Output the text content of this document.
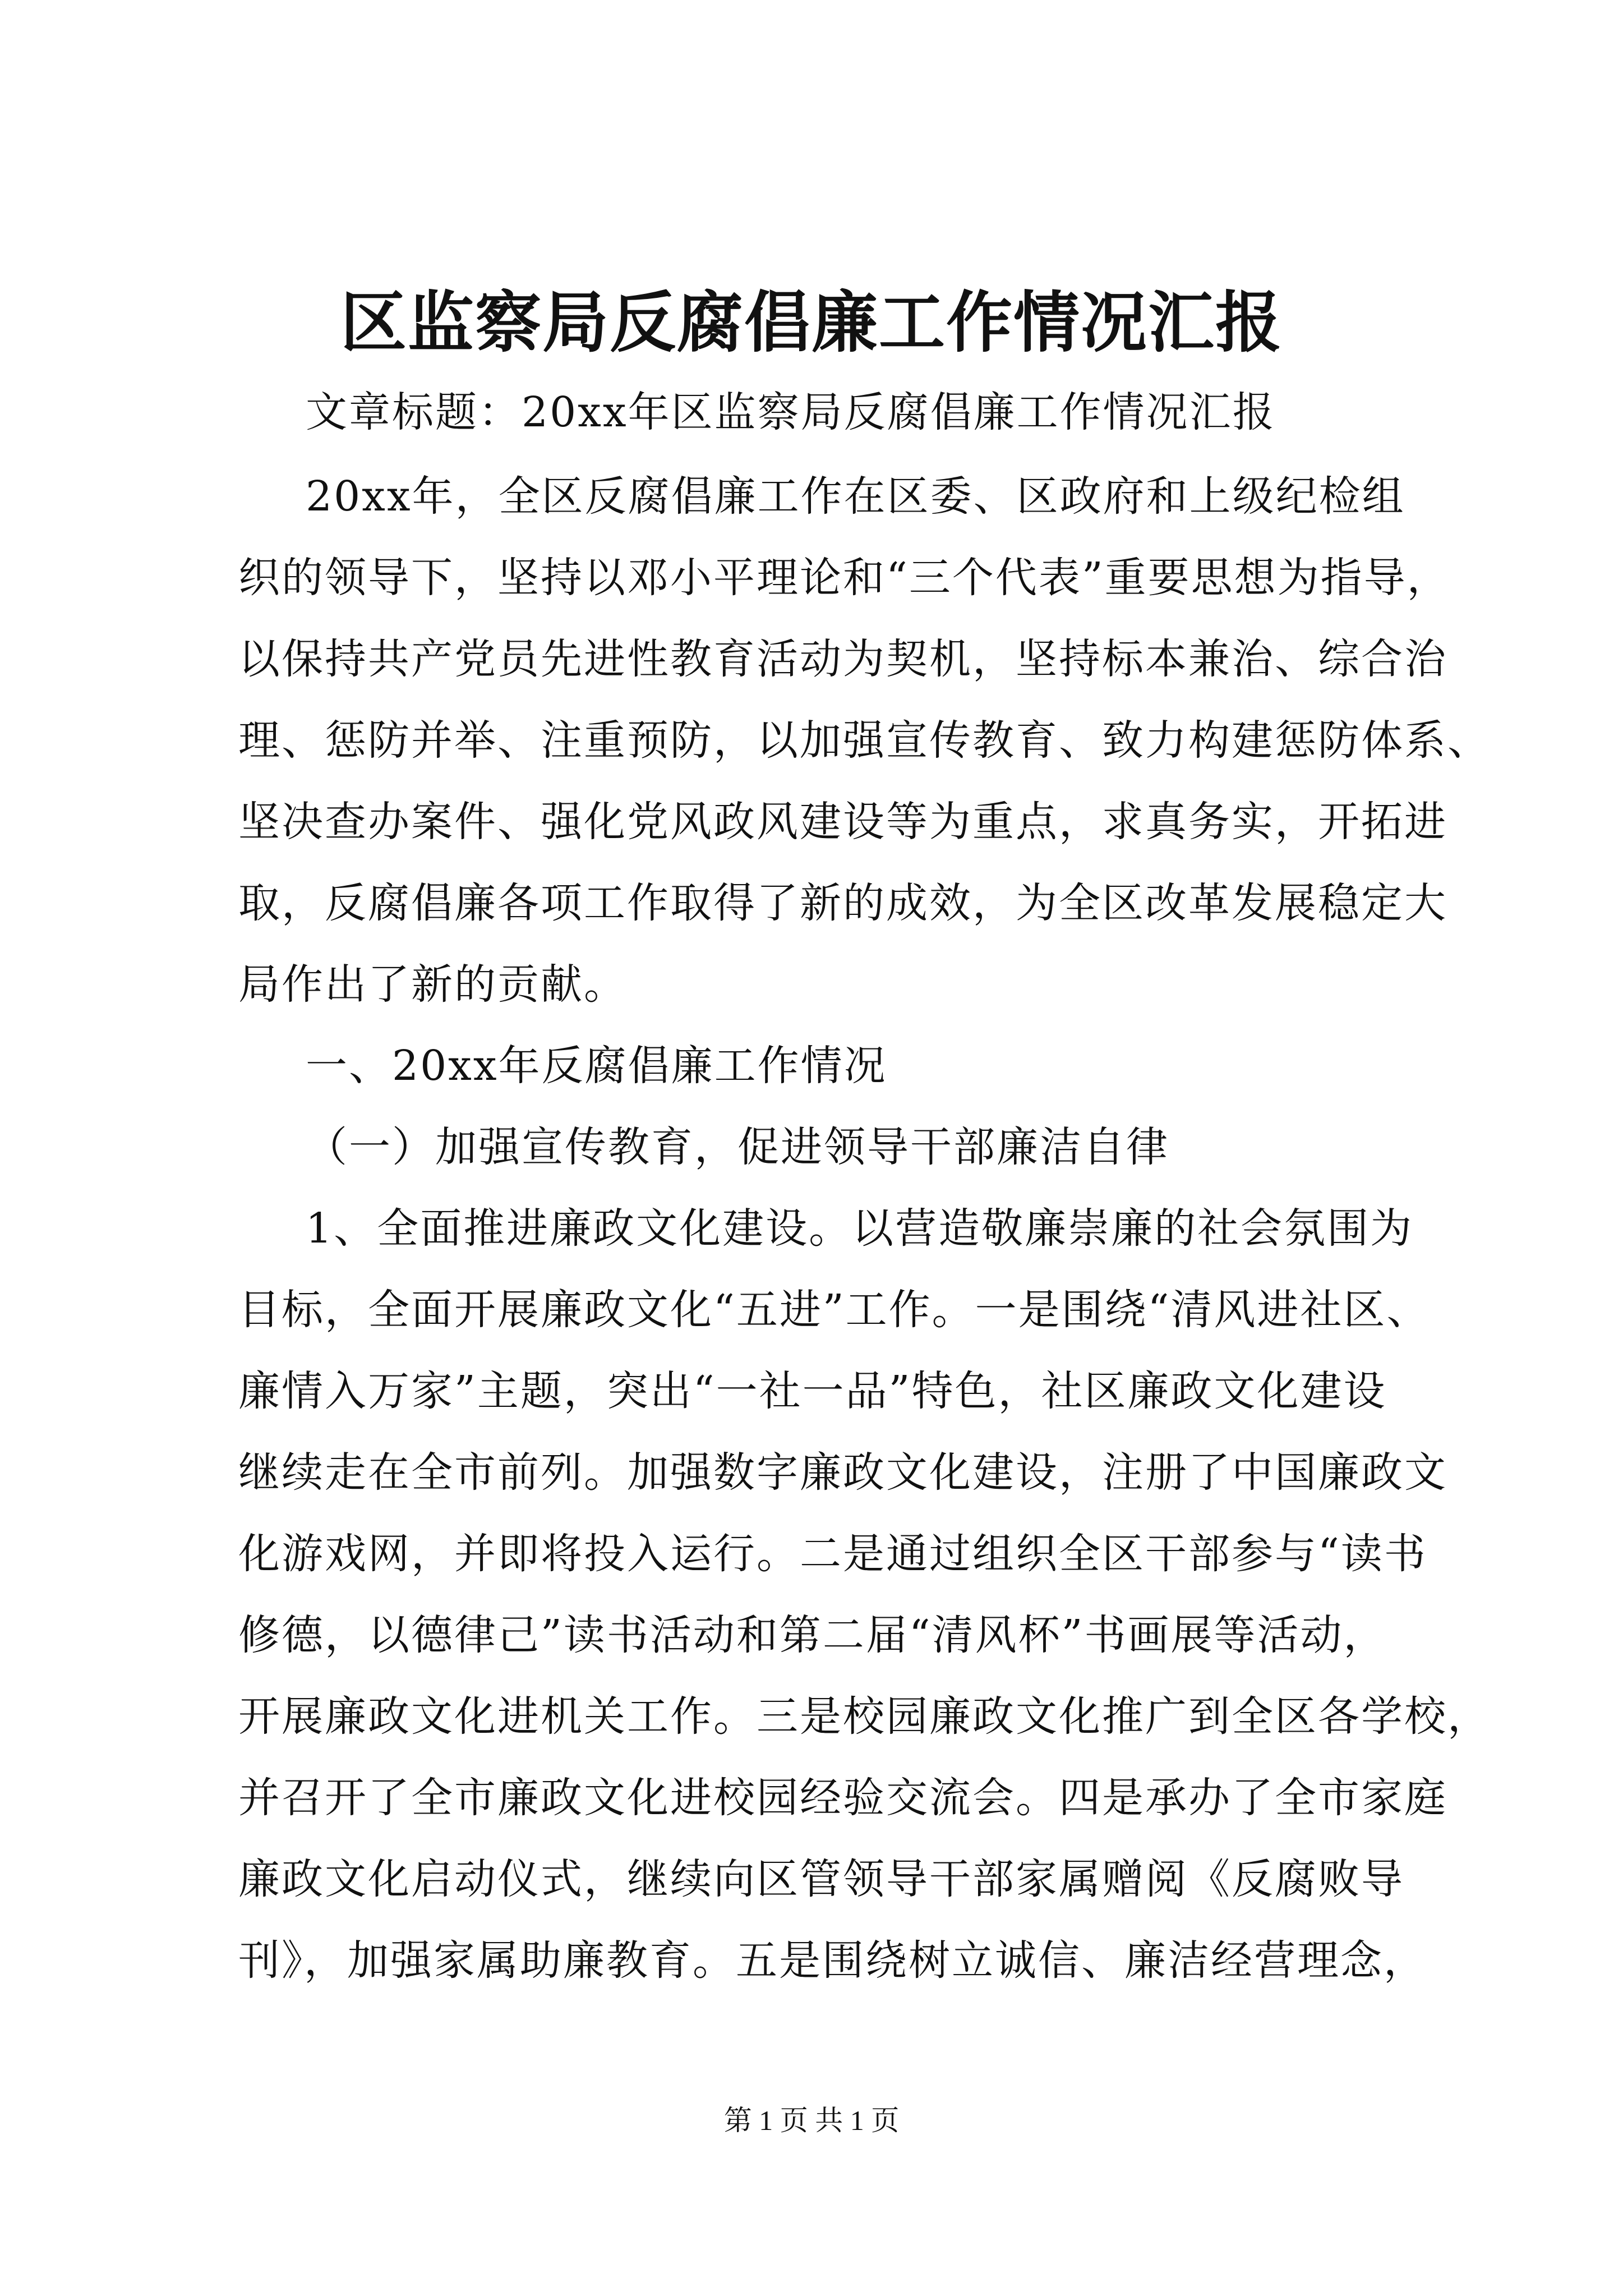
区监察局反腐倡廉工作情况汇报

文章标题：20xx年区监察局反腐倡廉工作情况汇报

20xx年，全区反腐倡廉工作在区委、区政府和上级纪检组

织的领导下，坚持以邓小平理论和“三个代表”重要思想为指导，

以保持共产党员先进性教育活动为契机，坚持标本兼治、综合治

理、惩防并举、注重预防，以加强宣传教育、致力构建惩防体系、

坚决查办案件、强化党风政风建设等为重点，求真务实，开拓进

取，反腐倡廉各项工作取得了新的成效，为全区改革发展稳定大

局作出了新的贡献。

一、20xx年反腐倡廉工作情况

（一）加强宣传教育，促进领导干部廉洁自律

1、全面推进廉政文化建设。以营造敬廉崇廉的社会氛围为

目标，全面开展廉政文化“五进”工作。一是围绕“清风进社区、

廉情入万家”主题，突出“一社一品”特色，社区廉政文化建设

继续走在全市前列。加强数字廉政文化建设，注册了中国廉政文

化游戏网，并即将投入运行。二是通过组织全区干部参与“读书

修德，以德律己”读书活动和第二届“清风杯”书画展等活动，

开展廉政文化进机关工作。三是校园廉政文化推广到全区各学校，

并召开了全市廉政文化进校园经验交流会。四是承办了全市家庭

廉政文化启动仪式，继续向区管领导干部家属赠阅《反腐败导

刊》，加强家属助廉教育。五是围绕树立诚信、廉洁经营理念，

第 1 页 共 1 页
